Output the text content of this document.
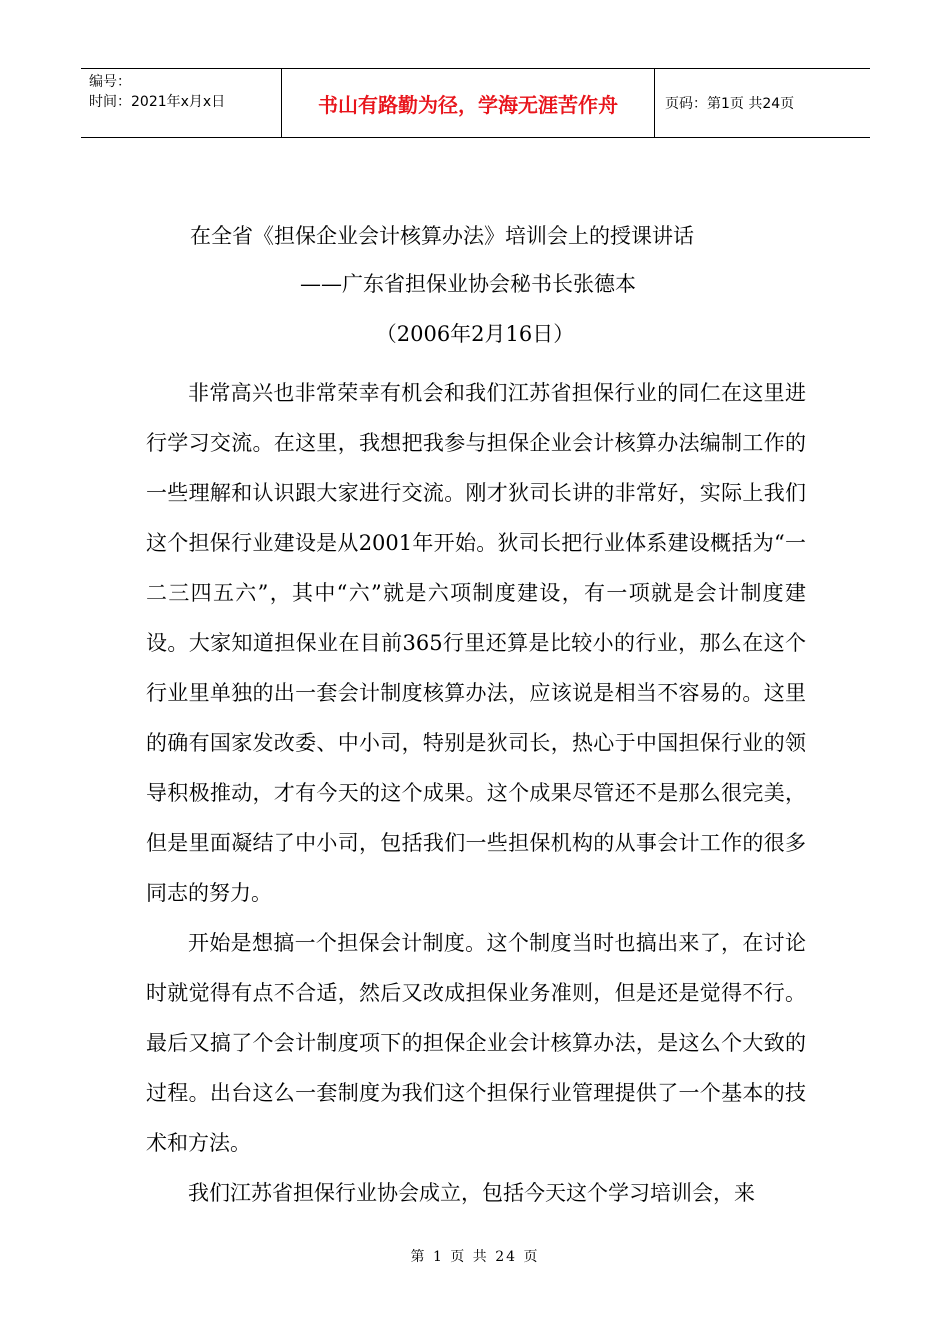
编号：
时间：2021年x月x日	书山有路勤为径，学海无涯苦作舟	页码：第1页 共24页
在全省《担保企业会计核算办法》培训会上的授课讲话
——广东省担保业协会秘书长张德本
（2006年2月16日）

非常高兴也非常荣幸有机会和我们江苏省担保行业的同仁在这里进行学习交流。在这里，我想把我参与担保企业会计核算办法编制工作的一些理解和认识跟大家进行交流。刚才狄司长讲的非常好，实际上我们这个担保行业建设是从2001年开始。狄司长把行业体系建设概括为“一二三四五六”，其中“六”就是六项制度建设，有一项就是会计制度建设。大家知道担保业在目前365行里还算是比较小的行业，那么在这个行业里单独的出一套会计制度核算办法，应该说是相当不容易的。这里的确有国家发改委、中小司，特别是狄司长，热心于中国担保行业的领导积极推动，才有今天的这个成果。这个成果尽管还不是那么很完美，但是里面凝结了中小司，包括我们一些担保机构的从事会计工作的很多同志的努力。

开始是想搞一个担保会计制度。这个制度当时也搞出来了，在讨论时就觉得有点不合适，然后又改成担保业务准则，但是还是觉得不行。最后又搞了个会计制度项下的担保企业会计核算办法，是这么个大致的过程。出台这么一套制度为我们这个担保行业管理提供了一个基本的技术和方法。

我们江苏省担保行业协会成立，包括今天这个学习培训会，来

第 1 页 共 24 页
